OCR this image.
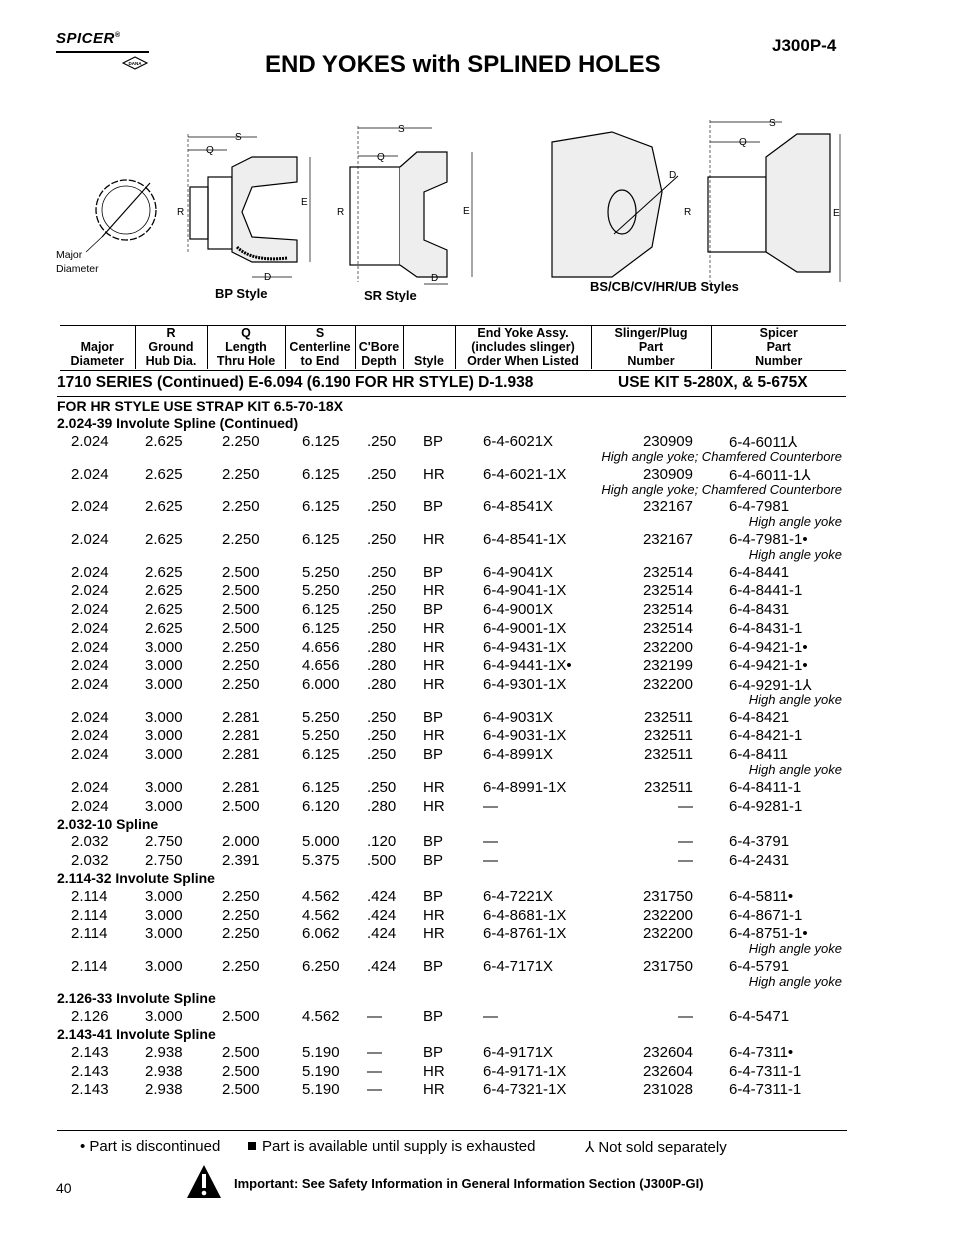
SPICER®
DANA
J300P-4
END YOKES with SPLINED HOLES
Major
Diameter
S
Q
R
E
D
BP Style
S
Q
R	E
D
SR Style
D
S
Q
R	E
BS/CB/CV/HR/UB Styles
Major
Diameter

R
Ground
Hub Dia.

Q
Length
Thru Hole

S
Centerline
to End

C'Bore
Depth	Style

End Yoke Assy.
(includes slinger)
Order When Listed

Slinger/Plug
Part
Number

Spicer
Part
Number
1710 SERIES (Continued) E-6.094 (6.190 FOR HR STYLE) D-1.938	USE KIT 5-280X, & 5-675X
FOR HR STYLE USE STRAP KIT 6.5-70-18X
2.024-39 Involute Spline (Continued)
2.032-10 Spline
2.114-32 Involute Spline
2.126-33 Involute Spline
2.143-41 Involute Spline
2.024 2.625	2.250	6.125 .250 BP	6-4-6021X	230909 6-4-6011⅄
High angle yoke; Chamfered Counterbore
2.024 2.625	2.250	6.125 .250 HR	6-4-6021-1X	230909 6-4-6011-1⅄
High angle yoke; Chamfered Counterbore
2.024 2.625	2.250	6.125 .250 BP	6-4-8541X	232167 6-4-7981
High angle yoke
2.024 2.625	2.250	6.125 .250 HR	6-4-8541-1X	232167 6-4-7981-1•
High angle yoke
2.024 2.625	2.500	5.250 .250 BP	6-4-9041X	232514 6-4-8441
2.024 2.625	2.500	5.250 .250 HR	6-4-9041-1X	232514 6-4-8441-1
2.024 2.625	2.500	6.125 .250 BP	6-4-9001X	232514 6-4-8431
2.024 2.625	2.500	6.125 .250 HR	6-4-9001-1X	232514 6-4-8431-1
2.024 3.000	2.250	4.656 .280 HR	6-4-9431-1X	232200 6-4-9421-1•
2.024 3.000	2.250	4.656 .280 HR	6-4-9441-1X•	232199 6-4-9421-1•
2.024 3.000	2.250	6.000 .280 HR	6-4-9301-1X	232200 6-4-9291-1⅄
High angle yoke
2.024 3.000	2.281	5.250 .250 BP	6-4-9031X	232511 6-4-8421
2.024 3.000	2.281	5.250 .250 HR	6-4-9031-1X	232511 6-4-8421-1
2.024 3.000	2.281	6.125 .250 BP	6-4-8991X	232511 6-4-8411
High angle yoke
2.024 3.000	2.281	6.125 .250 HR	6-4-8991-1X	232511 6-4-8411-1
2.024 3.000	2.500	6.120 .280 HR	—	— 6-4-9281-1
2.032 2.750	2.000	5.000 .120 BP	—	— 6-4-3791
2.032 2.750	2.391	5.375 .500 BP	—	— 6-4-2431
2.114	3.000	2.250	4.562 .424 BP	6-4-7221X	231750 6-4-5811•
2.114	3.000	2.250	4.562 .424 HR	6-4-8681-1X	232200 6-4-8671-1
2.114	3.000	2.250	6.062 .424 HR	6-4-8761-1X	232200 6-4-8751-1•
High angle yoke
2.114	3.000	2.250	6.250 .424 BP	6-4-7171X	231750 6-4-5791
High angle yoke
2.126 3.000	2.500	4.562 —	BP	—	— 6-4-5471
2.143 2.938	2.500	5.190 —	BP	6-4-9171X	232604 6-4-7311•
2.143 2.938	2.500	5.190 —	HR	6-4-9171-1X	232604 6-4-7311-1
2.143 2.938	2.500	5.190 —	HR	6-4-7321-1X	231028 6-4-7311-1
• Part is discontinued	Part is available until supply is exhausted	⅄ Not sold separately
40	Important: See Safety Information in General Information Section (J300P-GI)
